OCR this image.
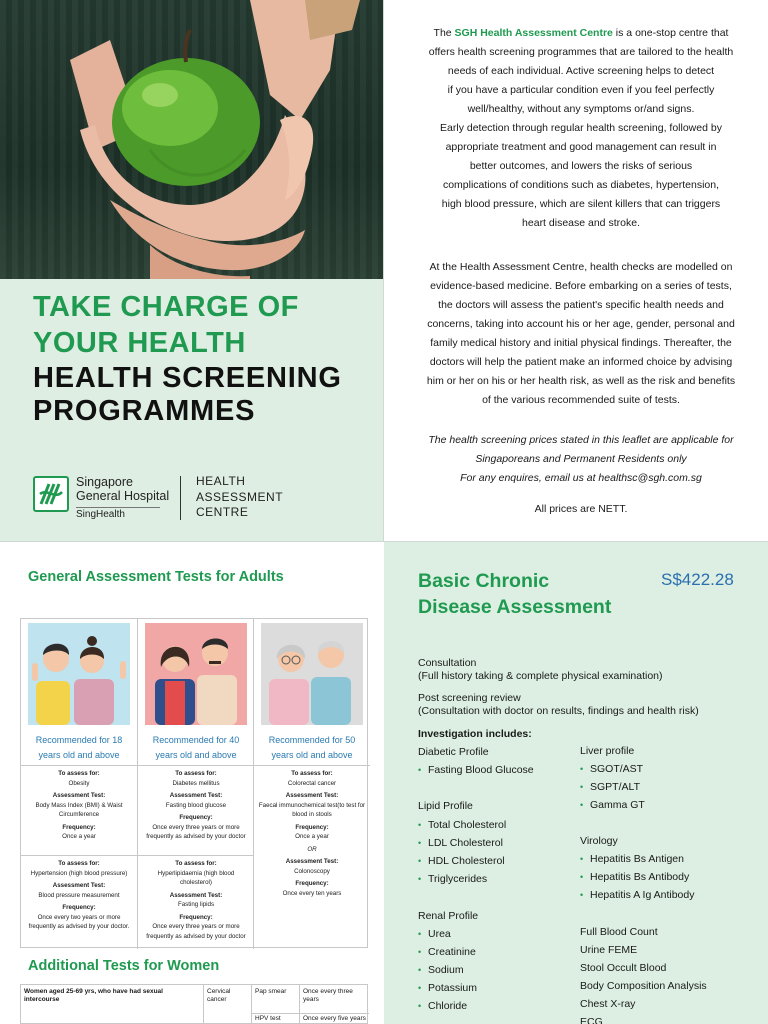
TAKE CHARGE OF
YOUR HEALTH
HEALTH SCREENING
PROGRAMMES
Singapore
General Hospital
SingHealth
HEALTH
ASSESSMENT
CENTRE
The SGH Health Assessment Centre is a one-stop centre that
offers health screening programmes that are tailored to the health
needs of each individual. Active screening helps to detect
if you have a particular condition even if you feel perfectly
well/healthy, without any symptoms or/and signs.
Early detection through regular health screening, followed by
appropriate treatment and good management can result in
better outcomes, and lowers the risks of serious
complications of conditions such as diabetes, hypertension,
high blood pressure, which are silent killers that can triggers
heart disease and stroke.
At the Health Assessment Centre, health checks are modelled on
evidence-based medicine. Before embarking on a series of tests,
the doctors will assess the patient's specific health needs and
concerns, taking into account his or her age, gender, personal and
family medical history and initial physical findings. Thereafter, the
doctors will help the patient make an informed choice by advising
him or her on his or her health risk, as well as the risk and benefits
of the various recommended suite of tests.
The health screening prices stated in this leaflet are applicable for
Singaporeans and Permanent Residents only
For any enquires, email us at healthsc@sgh.com.sg
All prices are NETT.
General Assessment Tests for Adults
Recommended for 18
years old and above
To assess for:
Obesity
Assessment Test:
Body Mass Index (BMI) & Waist Circumference
Frequency:
Once a year
To assess for:
Hypertension (high blood pressure)
Assessment Test:
Blood pressure measurement
Frequency:
Once every two years or more frequently as advised by your doctor.
Recommended for 40
years old and above
To assess for:
Diabetes mellitus
Assessment Test:
Fasting blood glucose
Frequency:
Once every three years or more frequently as advised by your doctor
To assess for:
Hyperlipidaemia (high blood cholesterol)
Assessment Test:
Fasting lipids
Frequency:
Once every three years or more frequently as advised by your doctor
Recommended for 50
years old and above
To assess for:
Colorectal cancer
Assessment Test:
Faecal immunochemical test(to test for blood in stools
Frequency:
Once a year
OR
Assessment Test:
Colonoscopy
Frequency:
Once every ten years
Additional Tests for Women
Women aged 25-69 yrs, who have had sexual intercourse
Cervical cancer
Pap smear
HPV test
Once every three years
Once every five years
Basic Chronic
Disease Assessment
S$422.28
Consultation
(Full history taking & complete physical examination)
Post screening review
(Consultation with doctor on results, findings and health risk)
Investigation includes:
Diabetic Profile
• Fasting Blood Glucose
Lipid Profile
• Total Cholesterol
• LDL Cholesterol
• HDL Cholesterol
• Triglycerides
Renal Profile
• Urea
• Creatinine
• Sodium
• Potassium
• Chloride
Liver profile
• SGOT/AST
• SGPT/ALT
• Gamma GT
Virology
• Hepatitis Bs Antigen
• Hepatitis Bs Antibody
• Hepatitis A Ig Antibody
Full Blood Count
Urine FEME
Stool Occult Blood
Body Composition Analysis
Chest X-ray
ECG
